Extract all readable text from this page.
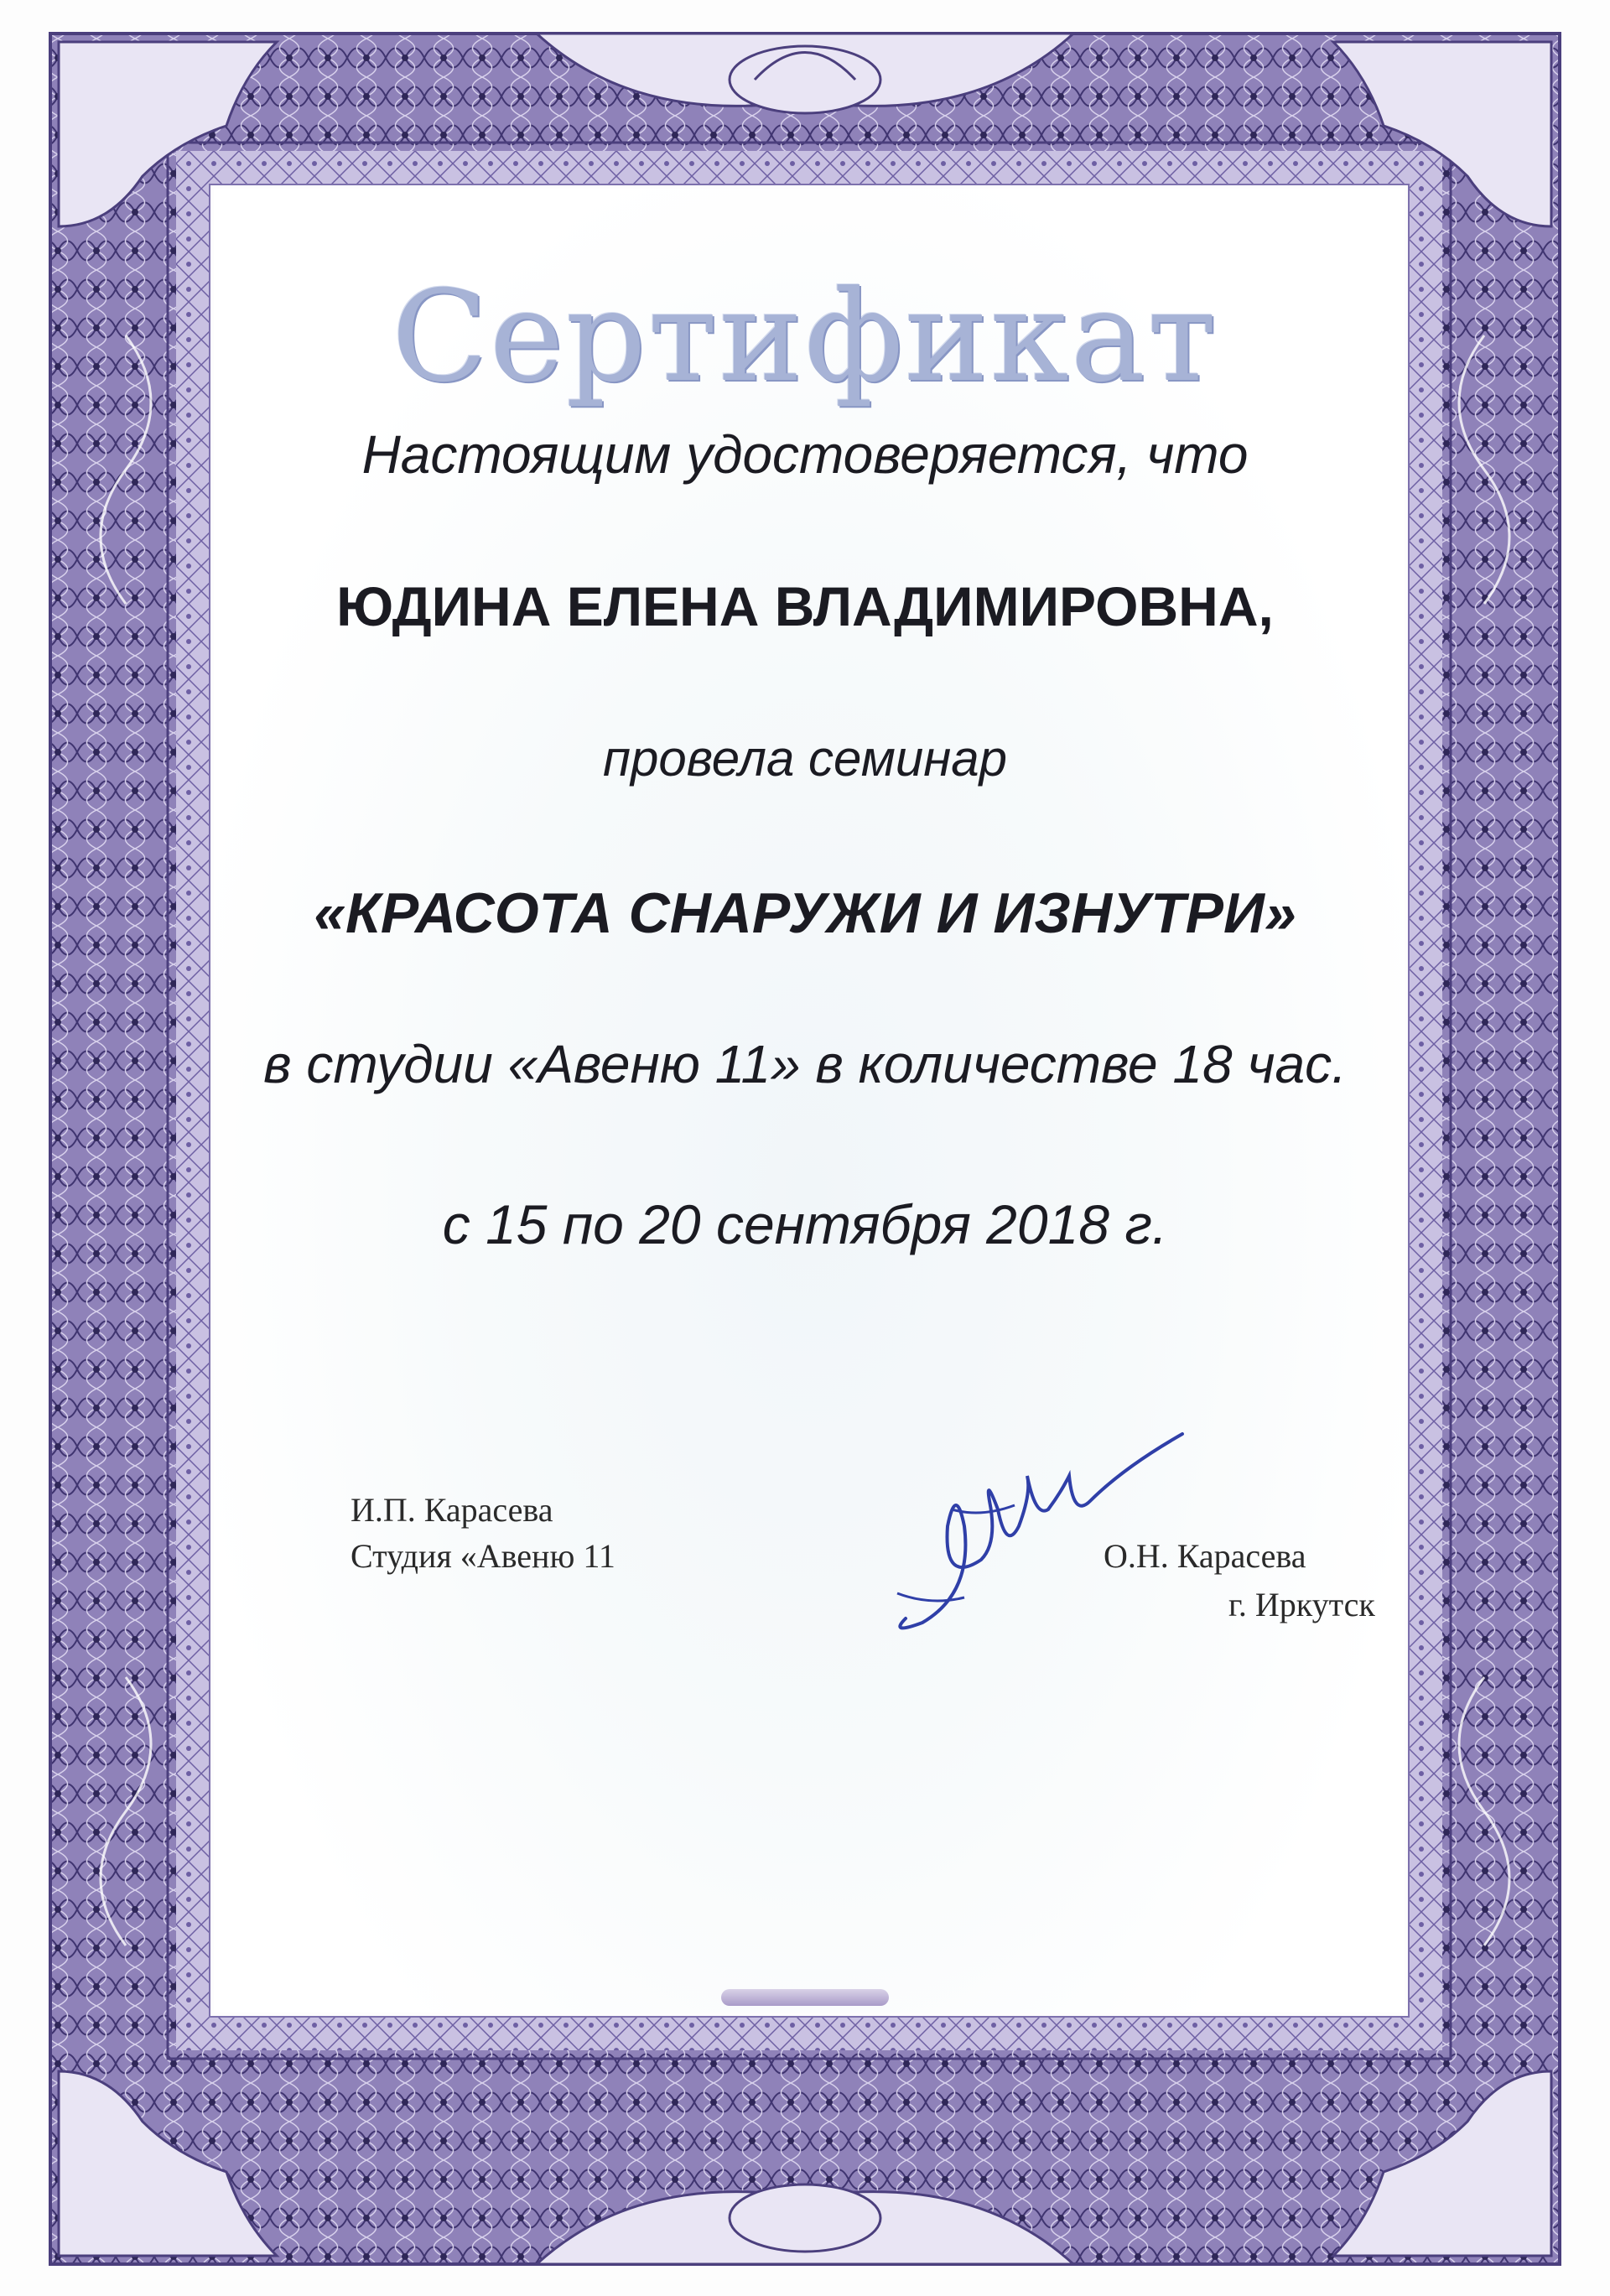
Сертификат
Настоящим удостоверяется, что
ЮДИНА ЕЛЕНА ВЛАДИМИРОВНА,
провела семинар
«КРАСОТА СНАРУЖИ И ИЗНУТРИ»
в студии «Авеню 11» в количестве 18 час.
с 15 по 20 сентября 2018 г.
И.П. Карасева
Студия «Авеню 11	О.Н. Карасева
г. Иркутск
